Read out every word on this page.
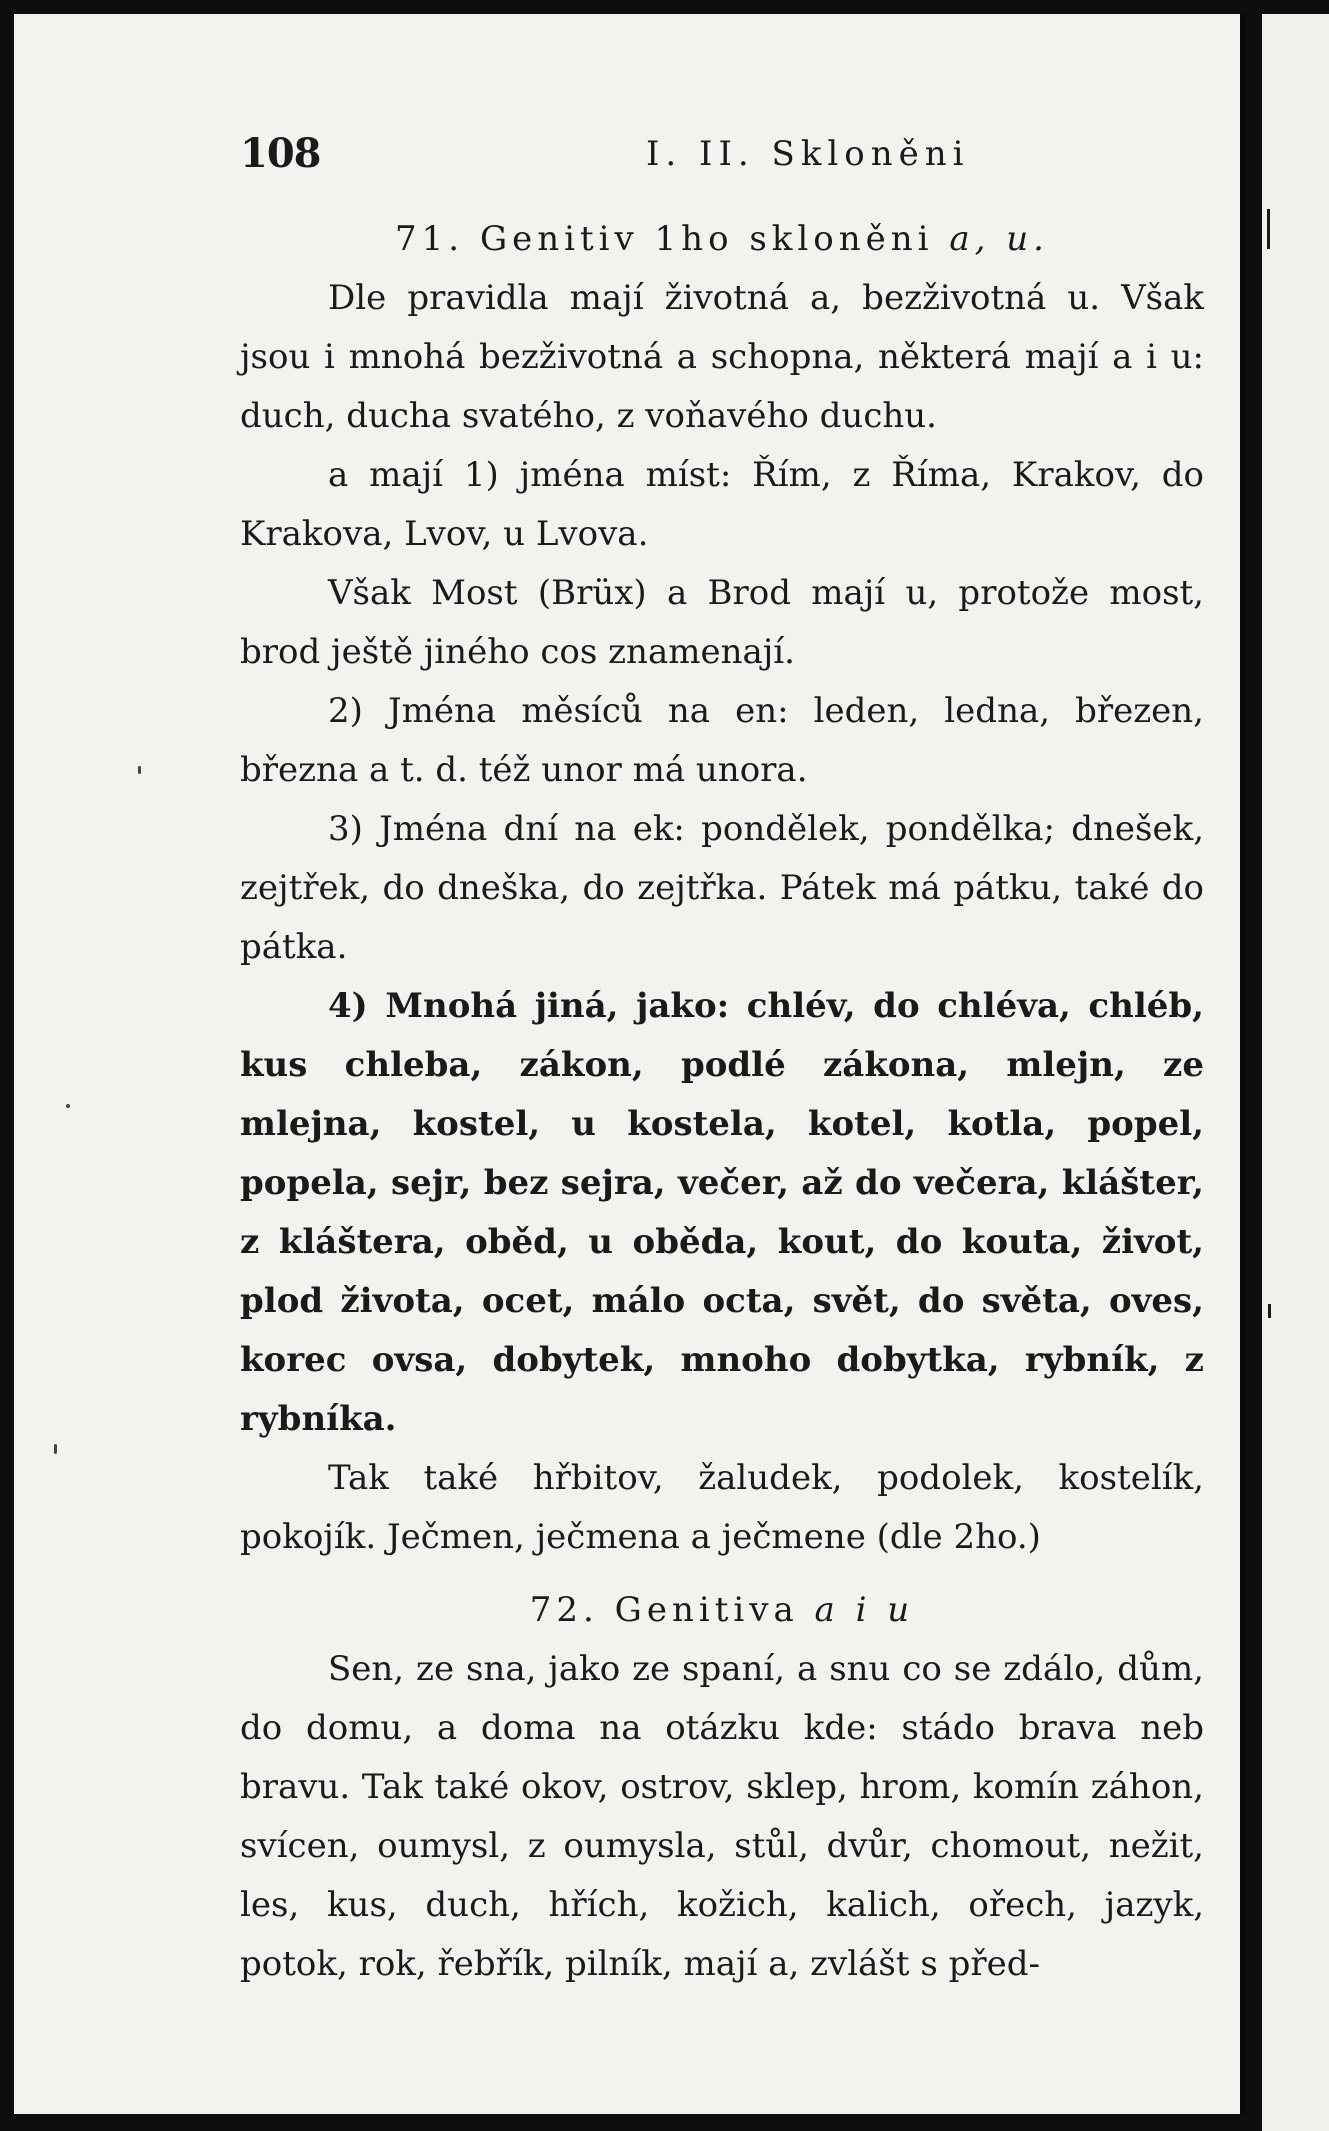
108	I. II. Skloněni

71. Genitiv 1ho skloněni a, u.

Dle pravidla mají životná a, bezživotná u. Však jsou i mnohá bezživotná a schopna, některá mají a i u: duch, ducha svatého, z voňavého duchu.

a mají 1) jména míst: Řím, z Říma, Krakov, do Krakova, Lvov, u Lvova.

Však Most (Brüx) a Brod mají u, protože most, brod ještě jiného cos znamenají.

2) Jména měsíců na en: leden, ledna, březen, března a t. d. též unor má unora.

3) Jména dní na ek: pondělek, pondělka; dnešek, zejtřek, do dneška, do zejtřka. Pátek má pátku, také do pátka.

4) Mnohá jiná, jako: chlév, do chléva, chléb, kus chleba, zákon, podlé zákona, mlejn, ze mlejna, kostel, u kostela, kotel, kotla, popel, popela, sejr, bez sejra, večer, až do večera, klášter, z kláštera, oběd, u oběda, kout, do kouta, život, plod života, ocet, málo octa, svět, do světa, oves, korec ovsa, dobytek, mnoho dobytka, rybník, z rybníka.

Tak také hřbitov, žaludek, podolek, kostelík, pokojík. Ječmen, ječmena a ječmene (dle 2ho.)

72. Genitiva a i u

Sen, ze sna, jako ze spaní, a snu co se zdálo, dům, do domu, a doma na otázku kde: stádo brava neb bravu. Tak také okov, ostrov, sklep, hrom, komín záhon, svícen, oumysl, z oumysla, stůl, dvůr, chomout, nežit, les, kus, duch, hřích, kožich, kalich, ořech, jazyk, potok, rok, řebřík, pilník, mají a, zvlášt s před-
